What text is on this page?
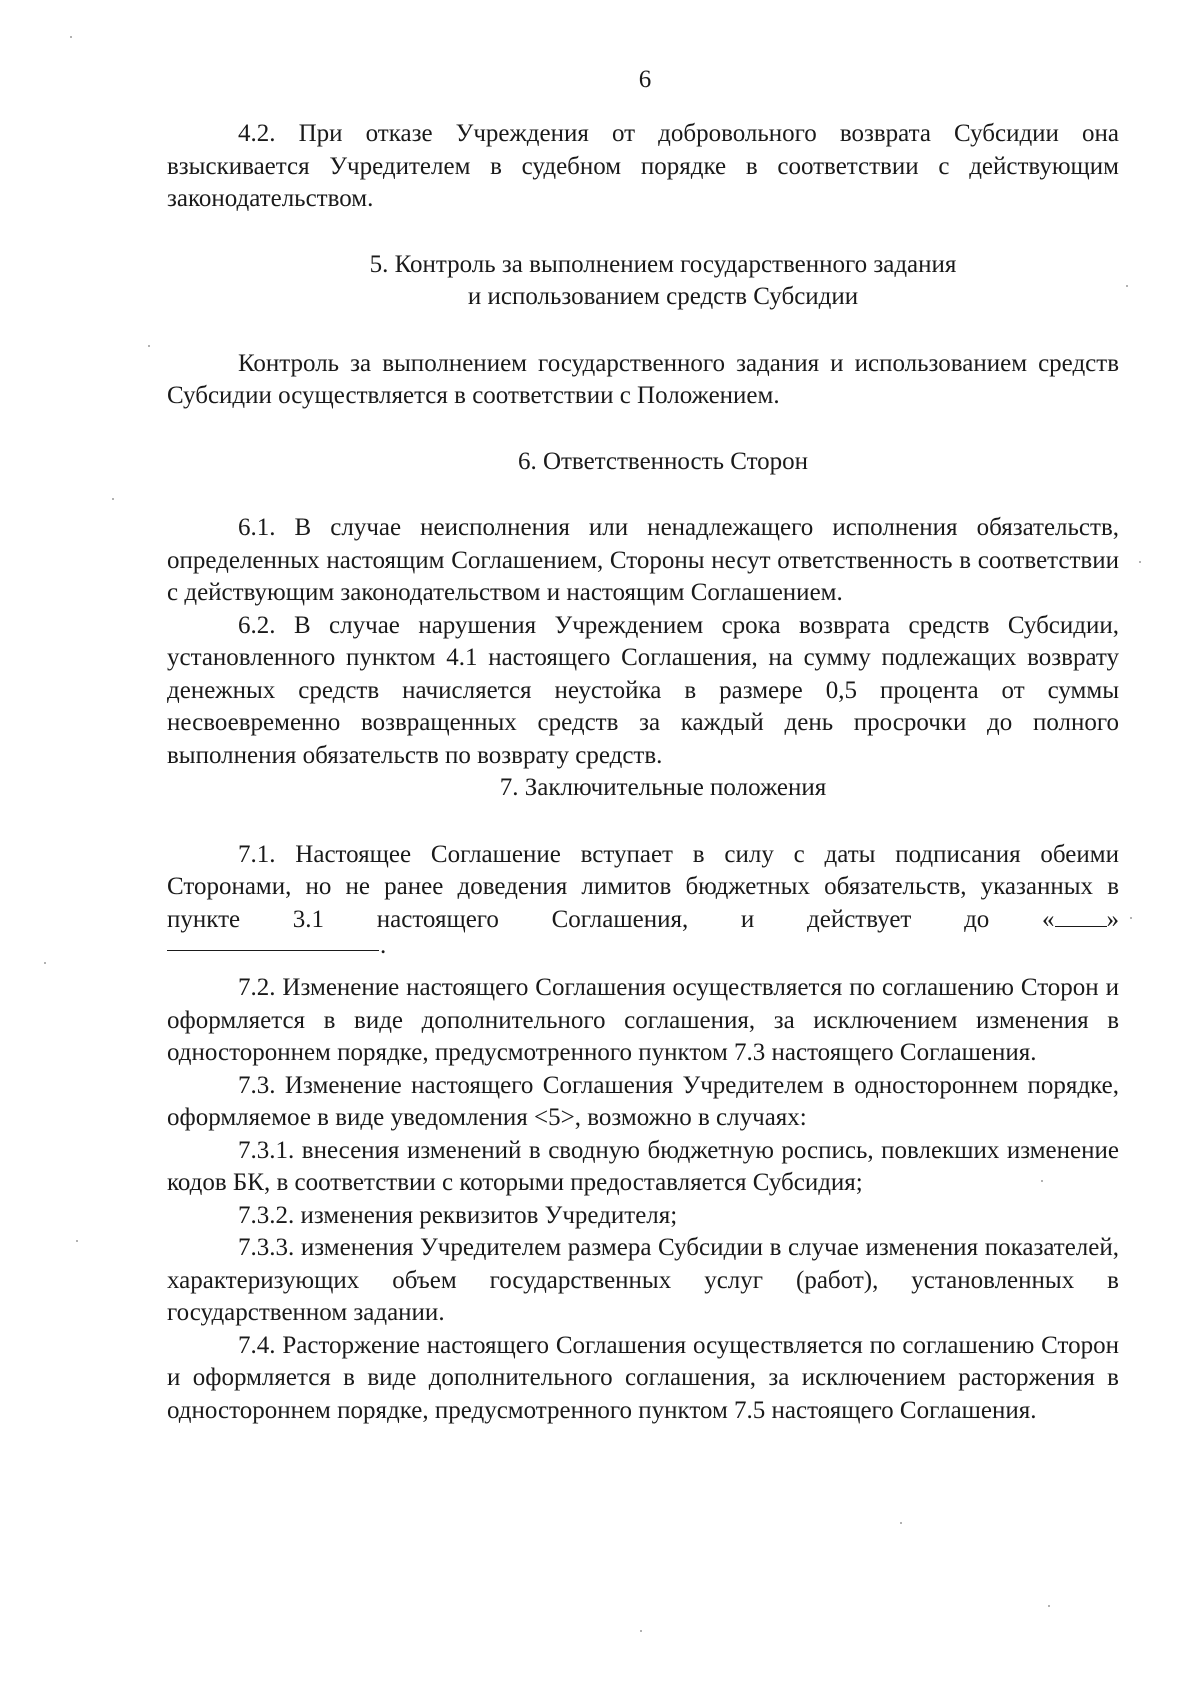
6

4.2. При отказе Учреждения от добровольного возврата Субсидии она взыскивается Учредителем в судебном порядке в соответствии с действующим законодательством.

5. Контроль за выполнением государственного задания

и использованием средств Субсидии

Контроль за выполнением государственного задания и использованием средств Субсидии осуществляется в соответствии с Положением.

6. Ответственность Сторон

6.1. В случае неисполнения или ненадлежащего исполнения обязательств, определенных настоящим Соглашением, Стороны несут ответственность в соответствии с действующим законодательством и настоящим Соглашением.

6.2. В случае нарушения Учреждением срока возврата средств Субсидии, установленного пунктом 4.1 настоящего Соглашения, на сумму подлежащих возврату денежных средств начисляется неустойка в размере 0,5 процента от суммы несвоевременно возвращенных средств за каждый день просрочки до полного выполнения обязательств по возврату средств.

7. Заключительные положения

7.1. Настоящее Соглашение вступает в силу с даты подписания обеими Сторонами, но не ранее доведения лимитов бюджетных обязательств, указанных в пункте 3.1 настоящего Соглашения, и действует до « »

.

7.2. Изменение настоящего Соглашения осуществляется по соглашению Сторон и оформляется в виде дополнительного соглашения, за исключением изменения в одностороннем порядке, предусмотренного пунктом 7.3 настоящего Соглашения.

7.3. Изменение настоящего Соглашения Учредителем в одностороннем порядке, оформляемое в виде уведомления <5>, возможно в случаях:

7.3.1. внесения изменений в сводную бюджетную роспись, повлекших изменение кодов БК, в соответствии с которыми предоставляется Субсидия;

7.3.2. изменения реквизитов Учредителя;

7.3.3. изменения Учредителем размера Субсидии в случае изменения показателей, характеризующих объем государственных услуг (работ), установленных в государственном задании.

7.4. Расторжение настоящего Соглашения осуществляется по соглашению Сторон и оформляется в виде дополнительного соглашения, за исключением расторжения в одностороннем порядке, предусмотренного пунктом 7.5 настоящего Соглашения.
